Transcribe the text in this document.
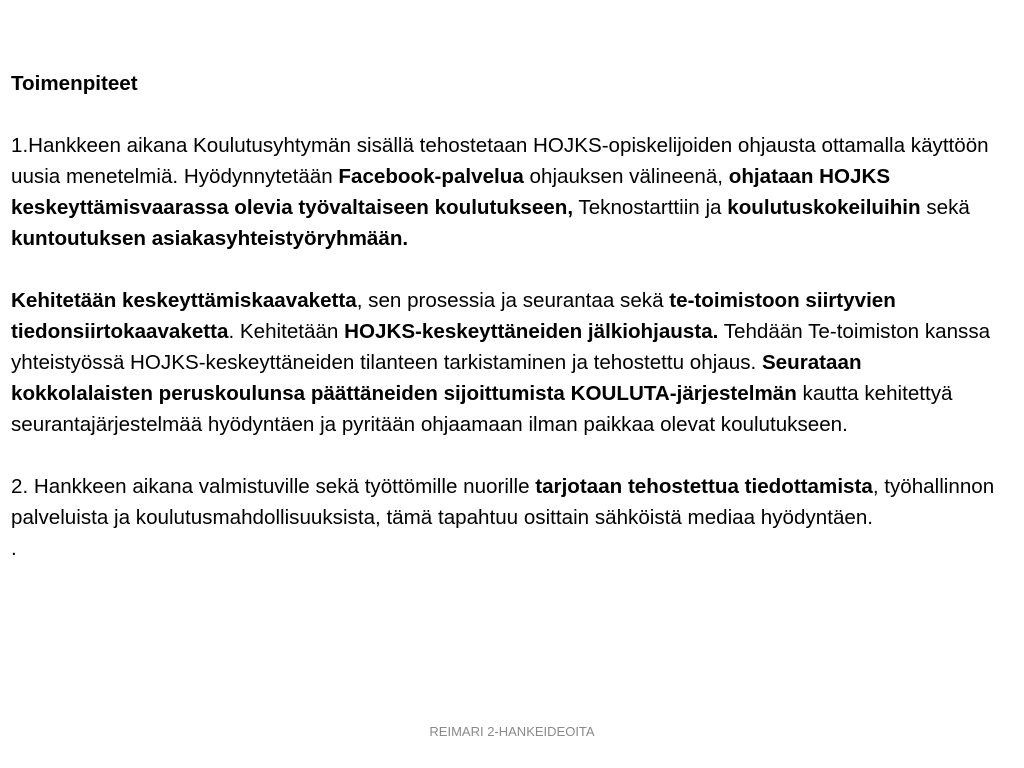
Toimenpiteet

1.Hankkeen aikana Koulutusyhtymän sisällä tehostetaan HOJKS-opiskelijoiden ohjausta ottamalla käyttöön uusia menetelmiä. Hyödynnytetään Facebook-palvelua ohjauksen välineenä, ohjataan HOJKS keskeyttämisvaarassa olevia työvaltaiseen koulutukseen, Teknostarttiin ja koulutuskokeiluihin sekä kuntoutuksen asiakasyhteistyöryhmään.

Kehitetään keskeyttämiskaavaketta, sen prosessia ja seurantaa sekä te-toimistoon siirtyvien tiedonsiirtokaavaketta. Kehitetään HOJKS-keskeyttäneiden jälkiohjausta. Tehdään Te-toimiston kanssa yhteistyössä HOJKS-keskeyttäneiden tilanteen tarkistaminen ja tehostettu ohjaus. Seurataan kokkolalaisten peruskoulunsa päättäneiden sijoittumista KOULUTA-järjestelmän kautta kehitettyä seurantajärjestelmää hyödyntäen ja pyritään ohjaamaan ilman paikkaa olevat koulutukseen.

2. Hankkeen aikana valmistuville sekä työttömille nuorille tarjotaan tehostettua tiedottamista, työhallinnon palveluista ja koulutusmahdollisuuksista, tämä tapahtuu osittain sähköistä mediaa hyödyntäen.

.

REIMARI 2-HANKEIDEOITA
